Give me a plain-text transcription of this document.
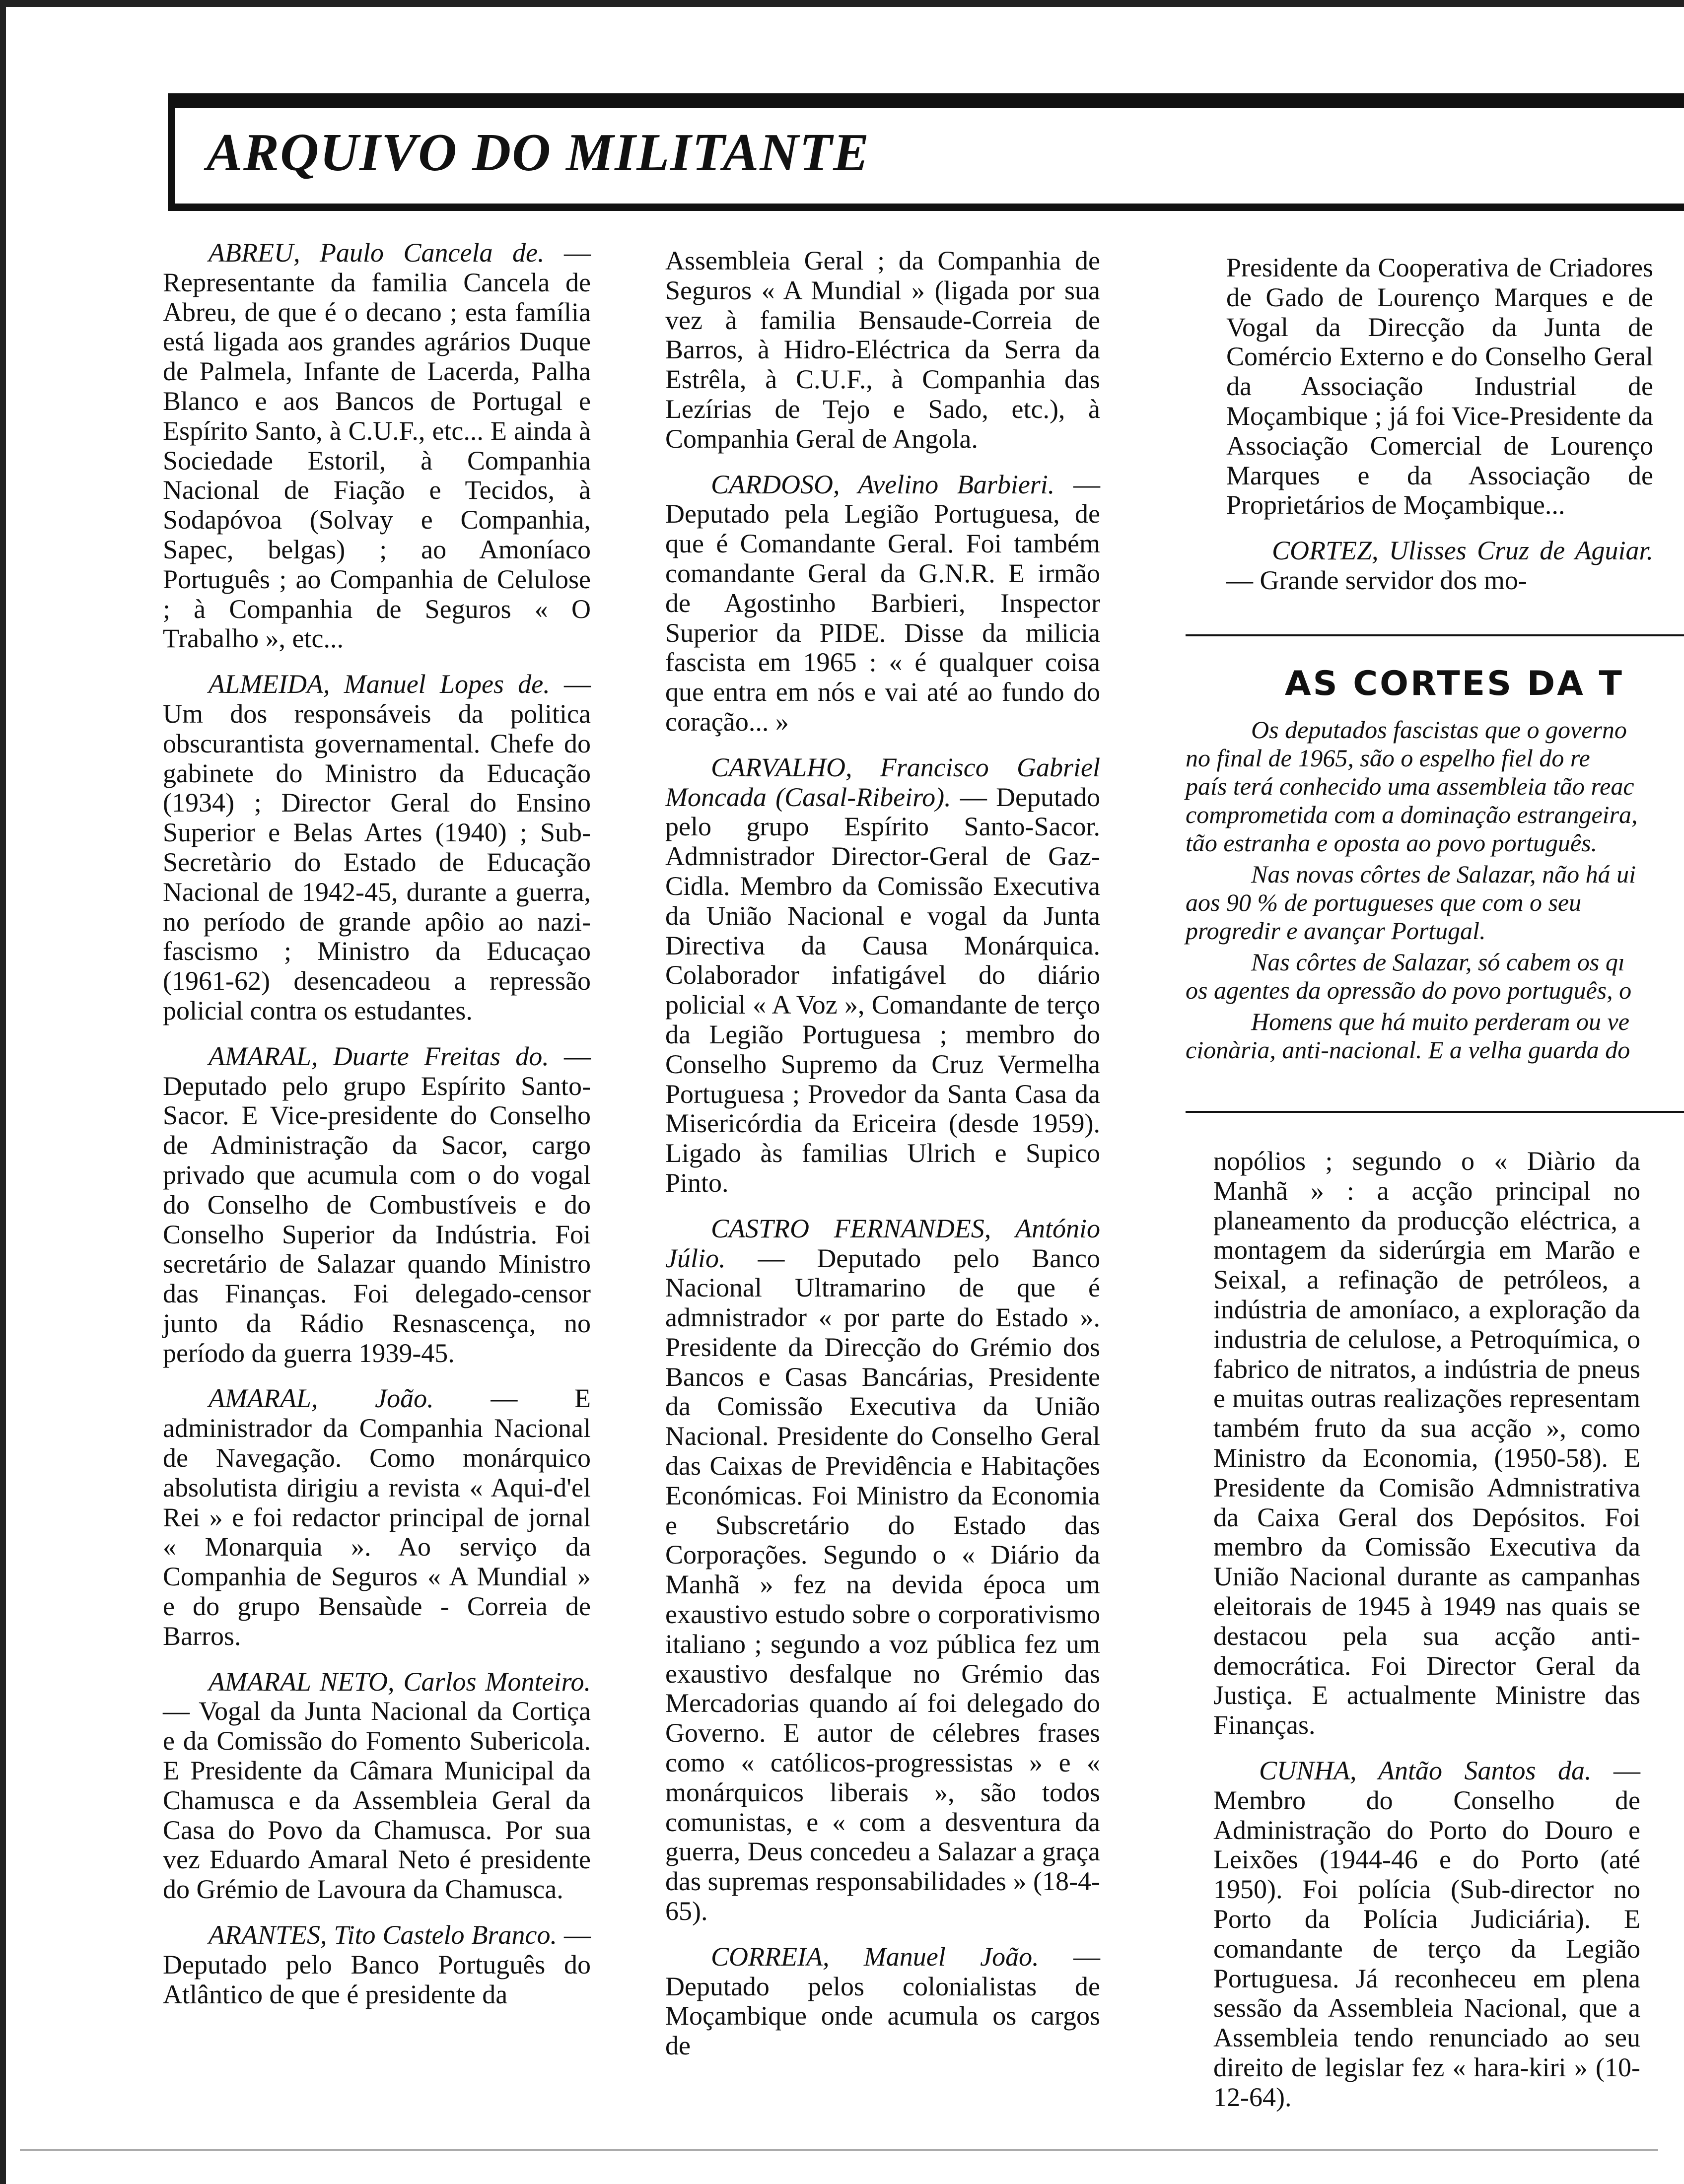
ARQUIVO DO MILITANTE

ABREU, Paulo Cancela de. — Representante da familia Cancela de Abreu, de que é o decano ; esta família está ligada aos grandes agrários Duque de Palmela, Infante de Lacerda, Palha Blanco e aos Bancos de Portugal e Espírito Santo, à C.U.F., etc... E ainda à Sociedade Estoril, à Companhia Nacional de Fiação e Tecidos, à Sodapóvoa (Solvay e Companhia, Sapec, belgas) ; ao Amoníaco Português ; ao Companhia de Celulose ; à Companhia de Seguros « O Trabalho », etc...

ALMEIDA, Manuel Lopes de. — Um dos responsáveis da politica obscurantista governamental. Chefe do gabinete do Ministro da Educação (1934) ; Director Geral do Ensino Superior e Belas Artes (1940) ; Sub-Secretàrio do Estado de Educação Nacional de 1942-45, durante a guerra, no período de grande apôio ao nazi-fascismo ; Ministro da Educaçao (1961-62) desencadeou a repressão policial contra os estudantes.

AMARAL, Duarte Freitas do. — Deputado pelo grupo Espírito Santo-Sacor. E Vice-presidente do Conselho de Administração da Sacor, cargo privado que acumula com o do vogal do Conselho de Combustíveis e do Conselho Superior da Indústria. Foi secretário de Salazar quando Ministro das Finanças. Foi delegado-censor junto da Rádio Resnascença, no período da guerra 1939-45.

AMARAL, João. — E administrador da Companhia Nacional de Navegação. Como monárquico absolutista dirigiu a revista « Aqui-d'el Rei » e foi redactor principal de jornal « Monarquia ». Ao serviço da Companhia de Seguros « A Mundial » e do grupo Bensaùde - Correia de Barros.

AMARAL NETO, Carlos Monteiro. — Vogal da Junta Nacional da Cortiça e da Comissão do Fomento Subericola. E Presidente da Câmara Municipal da Chamusca e da Assembleia Geral da Casa do Povo da Chamusca. Por sua vez Eduardo Amaral Neto é presidente do Grémio de Lavoura da Chamusca.

ARANTES, Tito Castelo Branco. — Deputado pelo Banco Português do Atlântico de que é presidente da

Assembleia Geral ; da Companhia de Seguros « A Mundial » (ligada por sua vez à familia Bensaude-Correia de Barros, à Hidro-Eléctrica da Serra da Estrêla, à C.U.F., à Companhia das Lezírias de Tejo e Sado, etc.), à Companhia Geral de Angola.

CARDOSO, Avelino Barbieri. — Deputado pela Legião Portuguesa, de que é Comandante Geral. Foi também comandante Geral da G.N.R. E irmão de Agostinho Barbieri, Inspector Superior da PIDE. Disse da milicia fascista em 1965 : « é qualquer coisa que entra em nós e vai até ao fundo do coração... »

CARVALHO, Francisco Gabriel Moncada (Casal-Ribeiro). — Deputado pelo grupo Espírito Santo-Sacor. Admnistrador Director-Geral de Gaz-Cidla. Membro da Comissão Executiva da União Nacional e vogal da Junta Directiva da Causa Monárquica. Colaborador infatigável do diário policial « A Voz », Comandante de terço da Legião Portuguesa ; membro do Conselho Supremo da Cruz Vermelha Portuguesa ; Provedor da Santa Casa da Misericórdia da Ericeira (desde 1959). Ligado às familias Ulrich e Supico Pinto.

CASTRO FERNANDES, António Júlio. — Deputado pelo Banco Nacional Ultramarino de que é admnistrador « por parte do Estado ». Presidente da Direcção do Grémio dos Bancos e Casas Bancárias, Presidente da Comissão Executiva da União Nacional. Presidente do Conselho Geral das Caixas de Previdência e Habitações Económicas. Foi Ministro da Economia e Subscretário do Estado das Corporações. Segundo o « Diário da Manhã » fez na devida época um exaustivo estudo sobre o corporativismo italiano ; segundo a voz pública fez um exaustivo desfalque no Grémio das Mercadorias quando aí foi delegado do Governo. E autor de célebres frases como « católicos-progressistas » e « monárquicos liberais », são todos comunistas, e « com a desventura da guerra, Deus concedeu a Salazar a graça das supremas responsabilidades » (18-4-65).

CORREIA, Manuel João. — Deputado pelos colonialistas de Moçambique onde acumula os cargos de

Presidente da Cooperativa de Criadores de Gado de Lourenço Marques e de Vogal da Direcção da Junta de Comércio Externo e do Conselho Geral da Associação Industrial de Moçambique ; já foi Vice-Presidente da Associação Comercial de Lourenço Marques e da Associação de Proprietários de Moçambique...

CORTEZ, Ulisses Cruz de Aguiar. — Grande servidor dos mo-

AS CORTES DA T

Os deputados fascistas que o governo

no final de 1965, são o espelho fiel do re

país terá conhecido uma assembleia tão reac

comprometida com a dominação estrangeira,

tão estranha e oposta ao povo português.

Nas novas côrtes de Salazar, não há ui

aos 90 % de portugueses que com o seu

progredir e avançar Portugal.

Nas côrtes de Salazar, só cabem os qı

os agentes da opressão do povo português, o

Homens que há muito perderam ou ve

cionària, anti-nacional. E a velha guarda do

nopólios ; segundo o « Diàrio da Manhã » : a acção principal no planeamento da producção eléctrica, a montagem da siderúrgia em Marão e Seixal, a refinação de petróleos, a indústria de amoníaco, a exploração da industria de celulose, a Petroquímica, o fabrico de nitratos, a indústria de pneus e muitas outras realizações representam também fruto da sua acção », como Ministro da Economia, (1950-58). E Presidente da Comisão Admnistrativa da Caixa Geral dos Depósitos. Foi membro da Comissão Executiva da União Nacional durante as campanhas eleitorais de 1945 à 1949 nas quais se destacou pela sua acção anti-democrática. Foi Director Geral da Justiça. E actualmente Ministre das Finanças.

CUNHA, Antão Santos da. — Membro do Conselho de Administração do Porto do Douro e Leixões (1944-46 e do Porto (até 1950). Foi polícia (Sub-director no Porto da Polícia Judiciária). E comandante de terço da Legião Portuguesa. Já reconheceu em plena sessão da Assembleia Nacional, que a Assembleia tendo renunciado ao seu direito de legislar fez « hara-kiri » (10-12-64).
